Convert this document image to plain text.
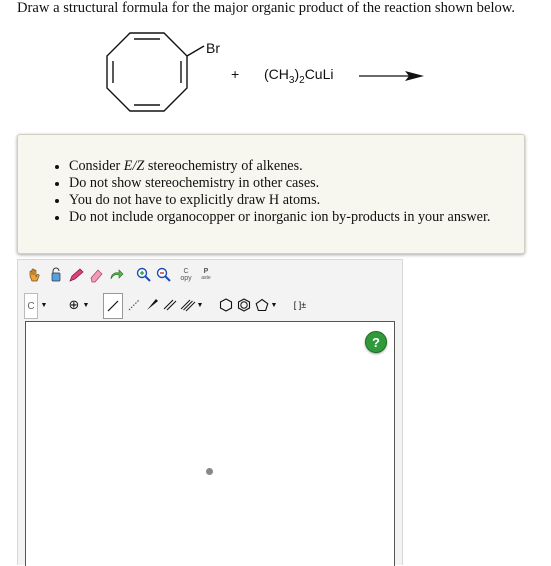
Draw a structural formula for the major organic product of the reaction shown below.
Br
+ $(CH_3)_2CuLi$
• Consider E/Z stereochemistry of alkenes.
• Do not show stereochemistry in other cases.
• You do not have to explicitly draw H atoms.
• Do not include organocopper or inorganic ion by-products in your answer.
C
opy
P
aste
C ▼	⊕ ▼	▼	▼	[ ]±
?
